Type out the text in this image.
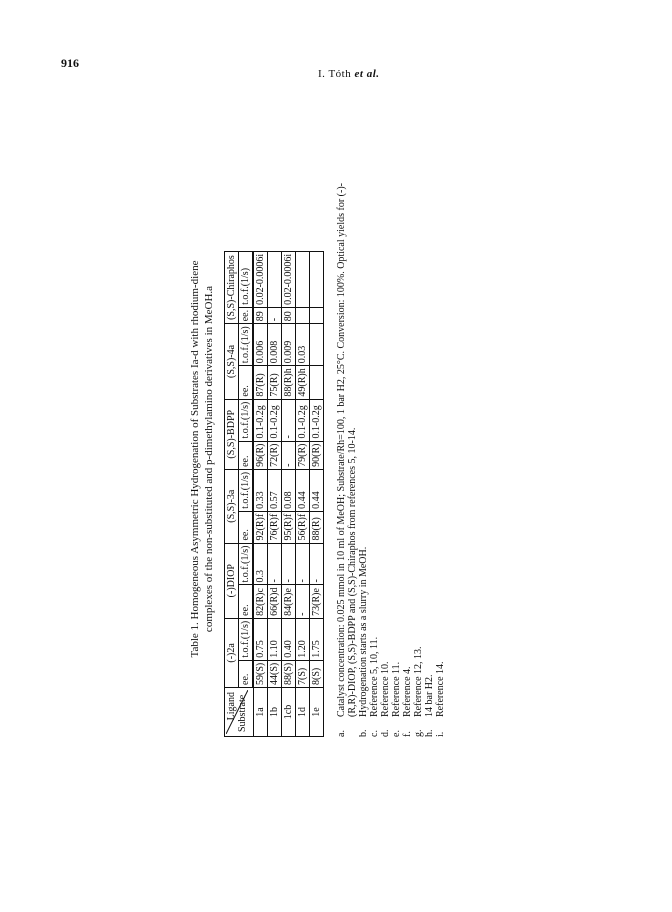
916
I. Tóth et al.
Table 1. Homogeneous Asymmetric Hydrogenation of Substrates Ia-d with rhodium-diene complexes of the non-substituted and p-dimethylamino derivatives in MeOH.a
Ligand Substrate	(-)2a		(-)DIOP		(S,S)-3a		(S,S)-BDPP		(S,S)-4a		(S,S)-Chiraphos	
	ee.	t.o.f.(1/s)	ee.	t.o.f.(1/s)	ee.	t.o.f.(1/s)	ee.	t.o.f.(1/s)	ee.	t.o.f.(1/s)	ee.	t.o.f.(1/s)
1a	59(S)	0.75	82(R)c	0.3	92(R)f	0.33	96(R)	0.1-0.2g	87(R)	0.006	89	0.02-0.0006i
1b	44(S)	1.10	66(R)d	-	76(R)f	0.57	72(R)	0.1-0.2g	75(R)	0.008	-	
1cb	88(S)	0.40	84(R)e	-	95(R)f	0.08	-	-	88(R)h	0.009	80	0.02-0.0006i
1d	7(S)	1.20	-	-	56(R)f	0.44	79(R)	0.1-0.2g	49(R)h	0.03		
1e	8(S)	1.75	73(R)e	-	88(R)	0.44	90(R)	0.1-0.2g				
a.
Catalyst concentration: 0.025 mmol in 10 ml of MeOH; Substrate/Rh=100, 1 bar H2, 25°C. Conversion: 100%. Optical yields for (-)-(R,R)-DIOP, (S,S)-BDPP and (S,S)-Chiraphos from references 5, 10-14.
b.
Hydrogenation starts as a slurry in MeOH.
c.
Reference 5, 10, 11.
d.
Reference 10.
e.
Reference 11.
f.
Reference 4.
g.
Reference 12, 13.
h.
14 bar H2.
i.
Reference 14.
